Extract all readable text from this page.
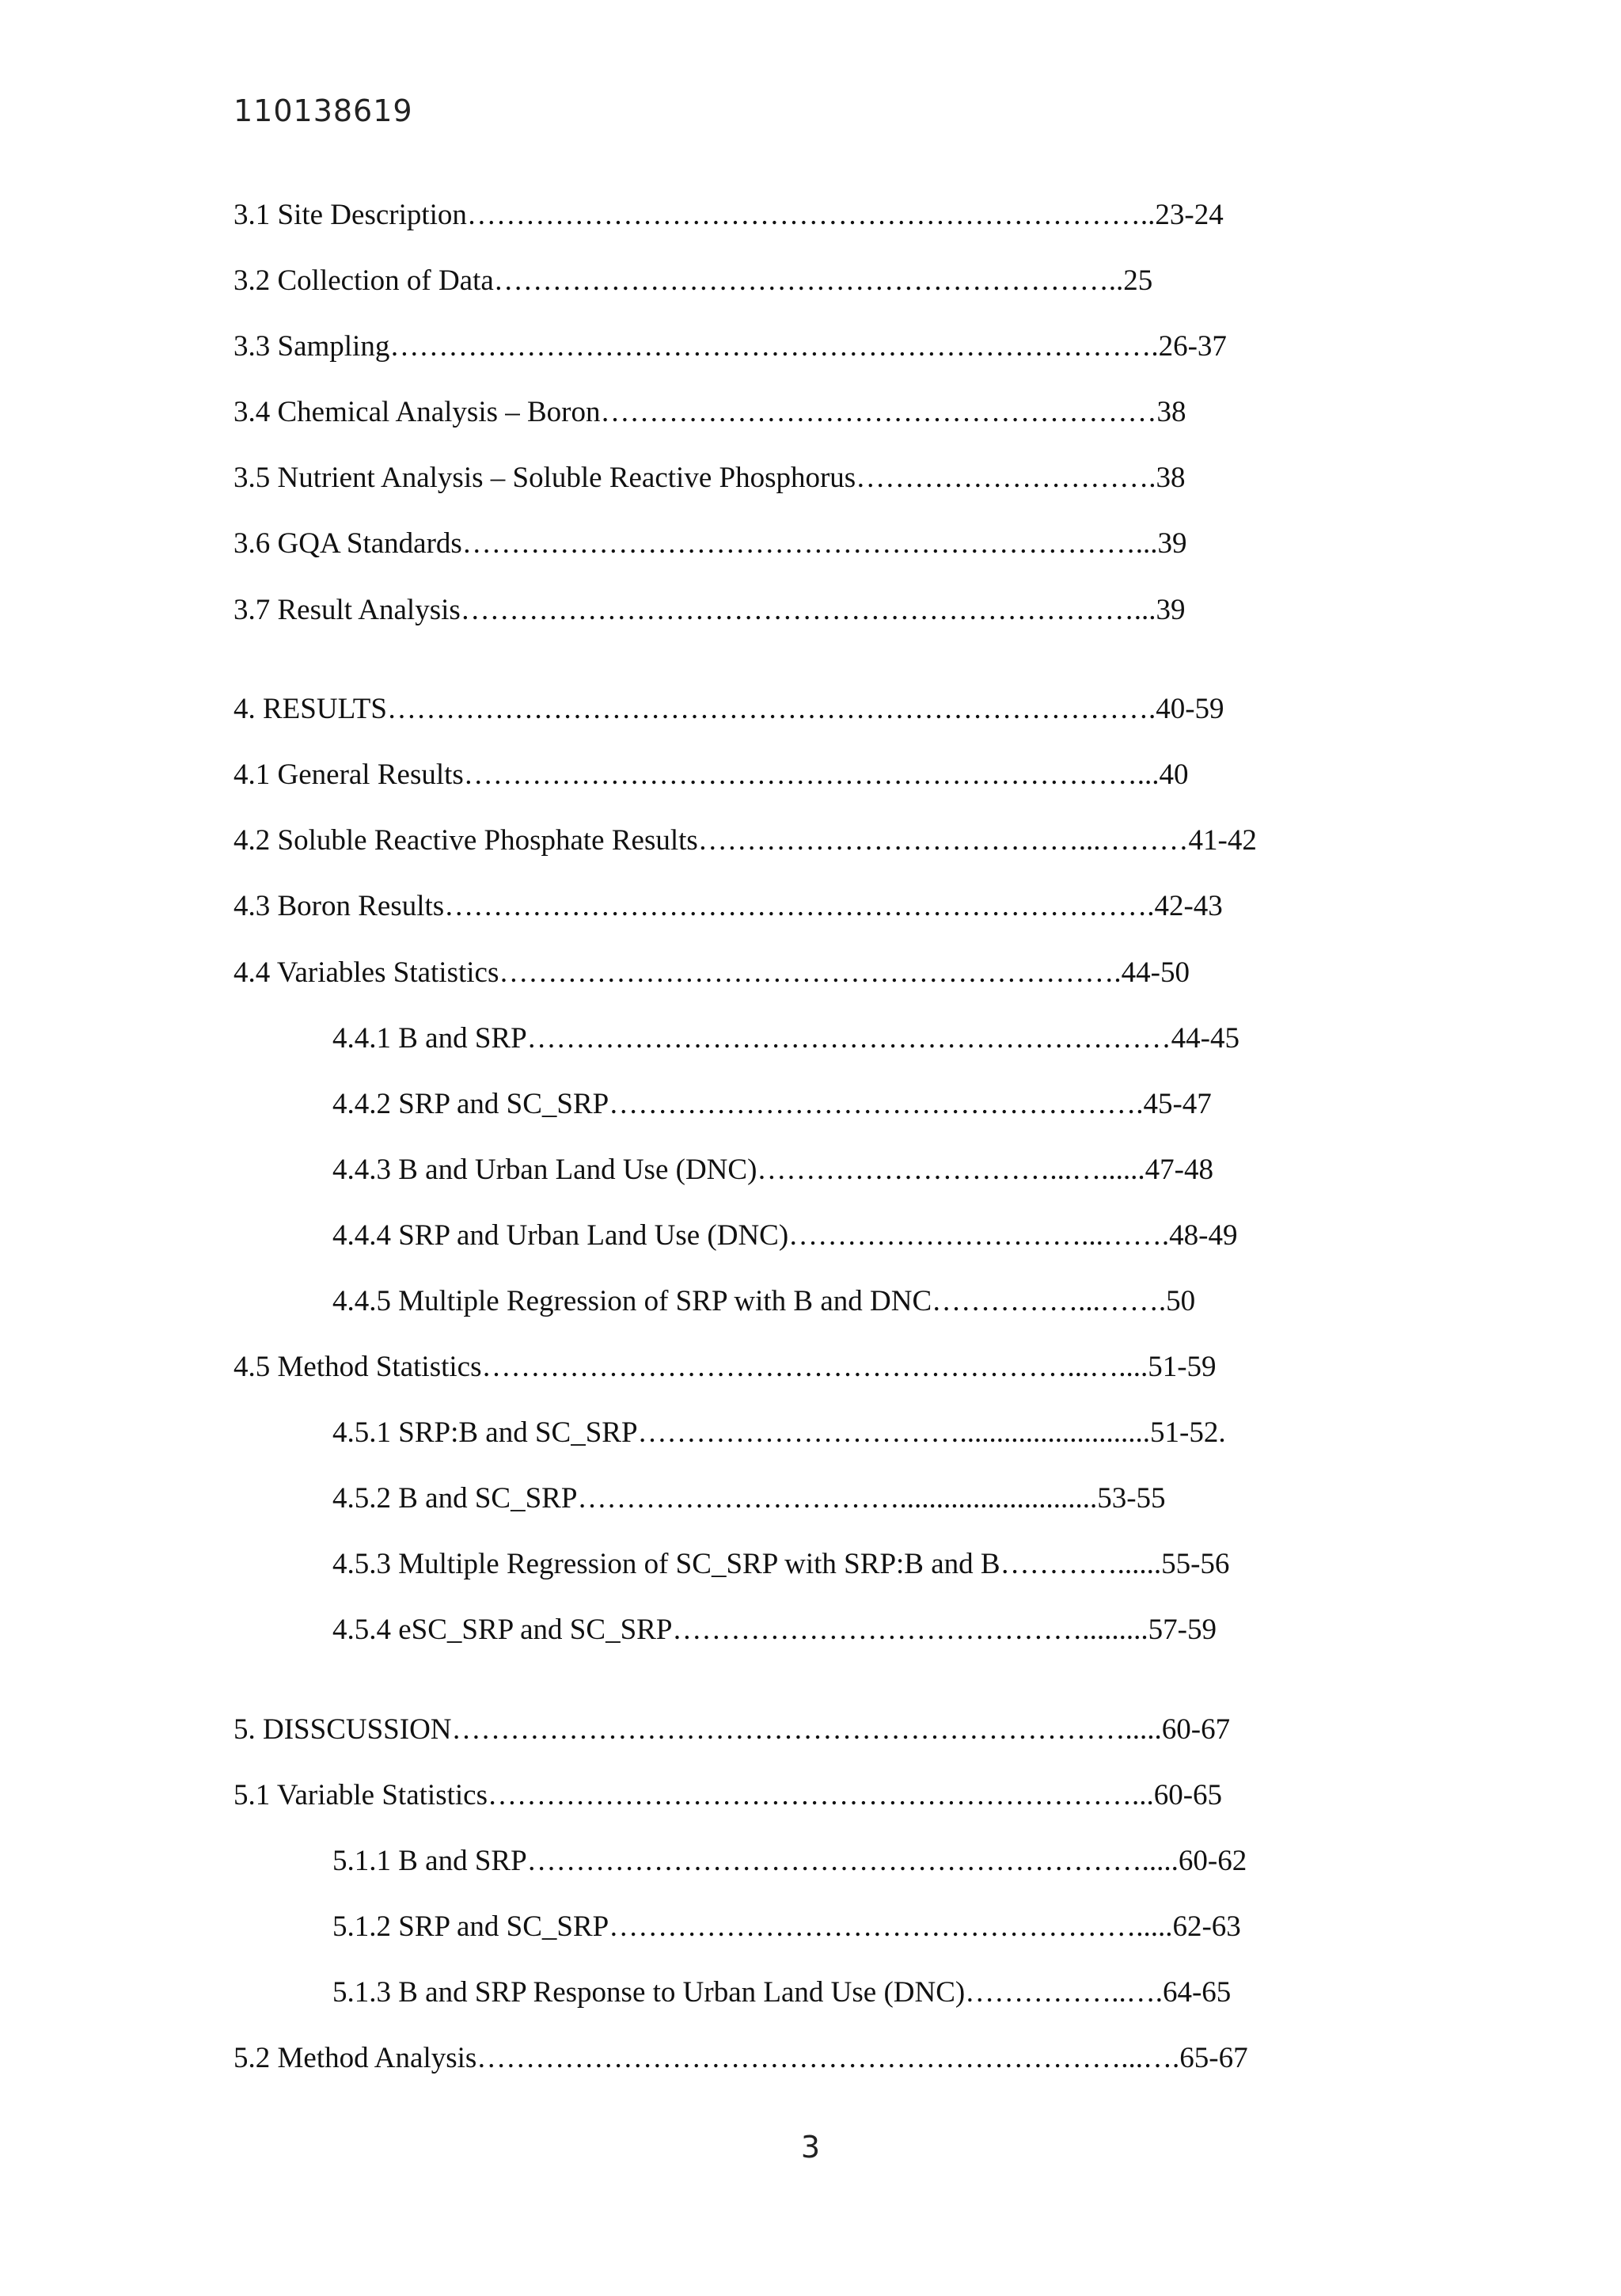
110138619
3.1 Site Description……………………………………………………………..23-24
3.2 Collection of Data………………………………………………………..25
3.3 Sampling…………………………………………………………………….26-37
3.4 Chemical Analysis – Boron…………………………………………………38
3.5 Nutrient Analysis – Soluble Reactive Phosphorus………………………….38
3.6 GQA Standards……………………………………………………………...39
3.7 Result Analysis……………………………………………………………...39
4. RESULTS…………………………………………………………………….40-59
4.1 General Results……………………………………………………………...40
4.2 Soluble Reactive Phosphate Results…………………………………...………41-42
4.3 Boron Results……………………………………………………………….42-43
4.4 Variables Statistics……………………………………………………….44-50
4.4.1 B and SRP…………………………………………………………44-45
4.4.2 SRP and SC_SRP……………………………………………….45-47
4.4.3 B and Urban Land Use (DNC)…………………………...…......47-48
4.4.4 SRP and Urban Land Use (DNC)…………………………...…….48-49
4.4.5 Multiple Regression of SRP with B and DNC……………...…….50
4.5 Method Statistics……………………………………………………...…....51-59
4.5.1 SRP:B and SC_SRP……………………………..........................51-52.
4.5.2 B and SC_SRP……………………………...........................53-55
4.5.3 Multiple Regression of SC_SRP with SRP:B and B…………......55-56
4.5.4 eSC_SRP and SC_SRP…………………………………….........57-59
5. DISSCUSSION…………………………………………………………….....60-67
5.1 Variable Statistics…………………………………………………………...60-65
5.1.1 B and SRP……………………………………………………….....60-62
5.1.2 SRP and SC_SRP……………………………………………….....62-63
5.1.3 B and SRP Response to Urban Land Use (DNC)……………..….64-65
5.2 Method Analysis…………………………………………………………...….65-67
3
